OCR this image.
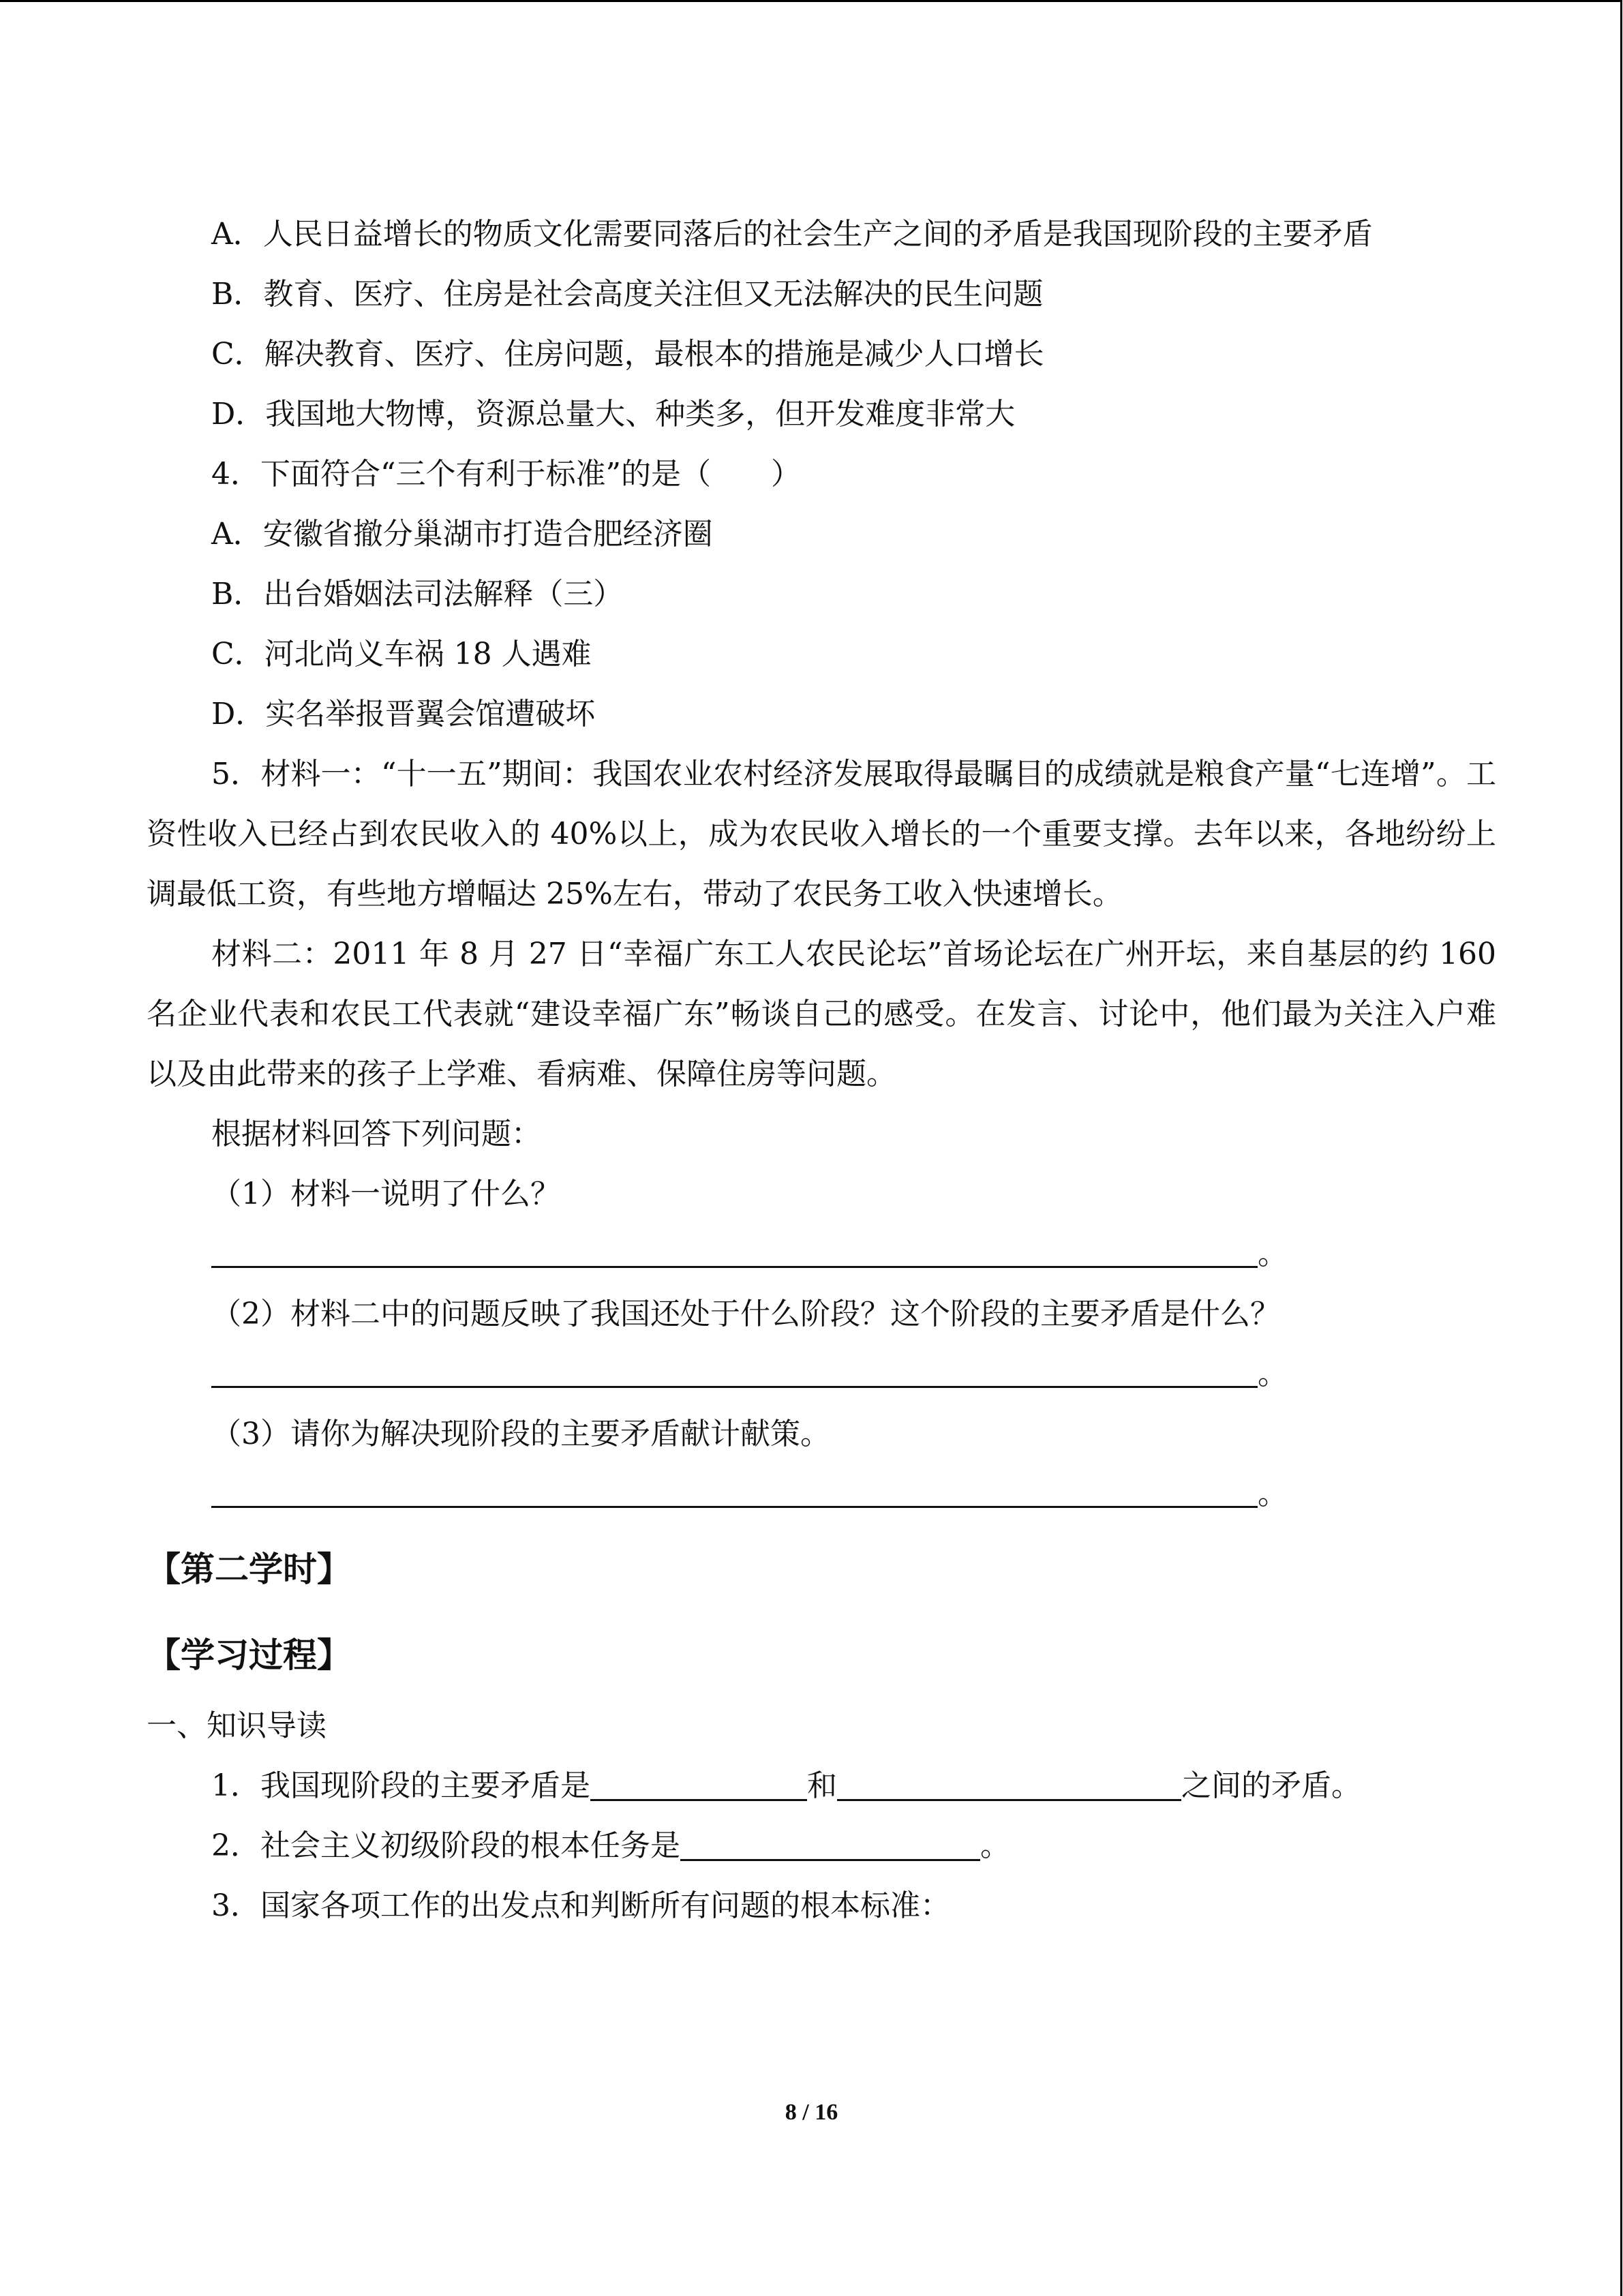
A．人民日益增长的物质文化需要同落后的社会生产之间的矛盾是我国现阶段的主要矛盾

B．教育、医疗、住房是社会高度关注但又无法解决的民生问题

C．解决教育、医疗、住房问题，最根本的措施是减少人口增长

D．我国地大物博，资源总量大、种类多，但开发难度非常大

4．下面符合“三个有利于标准”的是（　　）

A．安徽省撤分巢湖市打造合肥经济圈

B．出台婚姻法司法解释（三）

C．河北尚义车祸 18 人遇难

D．实名举报晋翼会馆遭破坏

5．材料一：“十一五”期间：我国农业农村经济发展取得最瞩目的成绩就是粮食产量“七连增”。工资性收入已经占到农民收入的 40%以上，成为农民收入增长的一个重要支撑。去年以来，各地纷纷上调最低工资，有些地方增幅达 25%左右，带动了农民务工收入快速增长。

材料二：2011 年 8 月 27 日“幸福广东工人农民论坛”首场论坛在广州开坛，来自基层的约 160 名企业代表和农民工代表就“建设幸福广东”畅谈自己的感受。在发言、讨论中，他们最为关注入户难以及由此带来的孩子上学难、看病难、保障住房等问题。

根据材料回答下列问题：

（1）材料一说明了什么？

。

（2）材料二中的问题反映了我国还处于什么阶段？这个阶段的主要矛盾是什么？

。

（3）请你为解决现阶段的主要矛盾献计献策。

。
【第二学时】
【学习过程】

一、知识导读

1．我国现阶段的主要矛盾是	和	之间的矛盾。

2．社会主义初级阶段的根本任务是	。

3．国家各项工作的出发点和判断所有问题的根本标准：

8 / 16
